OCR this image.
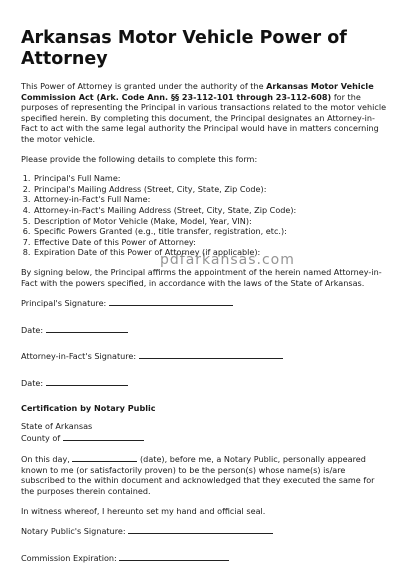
Arkansas Motor Vehicle Power of Attorney

This Power of Attorney is granted under the authority of the Arkansas Motor Vehicle Commission Act (Ark. Code Ann. §§ 23-112-101 through 23-112-608) for the purposes of representing the Principal in various transactions related to the motor vehicle specified herein. By completing this document, the Principal designates an Attorney-in-Fact to act with the same legal authority the Principal would have in matters concerning the motor vehicle.

Please provide the following details to complete this form:

1. Principal's Full Name:
2. Principal's Mailing Address (Street, City, State, Zip Code):
3. Attorney-in-Fact's Full Name:
4. Attorney-in-Fact's Mailing Address (Street, City, State, Zip Code):
5. Description of Motor Vehicle (Make, Model, Year, VIN):
6. Specific Powers Granted (e.g., title transfer, registration, etc.):
7. Effective Date of this Power of Attorney:
8. Expiration Date of this Power of Attorney (if applicable):

By signing below, the Principal affirms the appointment of the herein named Attorney-in-Fact with the powers specified, in accordance with the laws of the State of Arkansas.

Principal's Signature:
Date:
Attorney-in-Fact's Signature:
Date:
Certification by Notary Public

State of Arkansas
County of

On this day,	(date), before me, a Notary Public, personally appeared known to me (or satisfactorily proven) to be the person(s) whose name(s) is/are subscribed to the within document and acknowledged that they executed the same for the purposes therein contained.

In witness whereof, I hereunto set my hand and official seal.

Notary Public's Signature:
Commission Expiration:
pdfarkansas.com
